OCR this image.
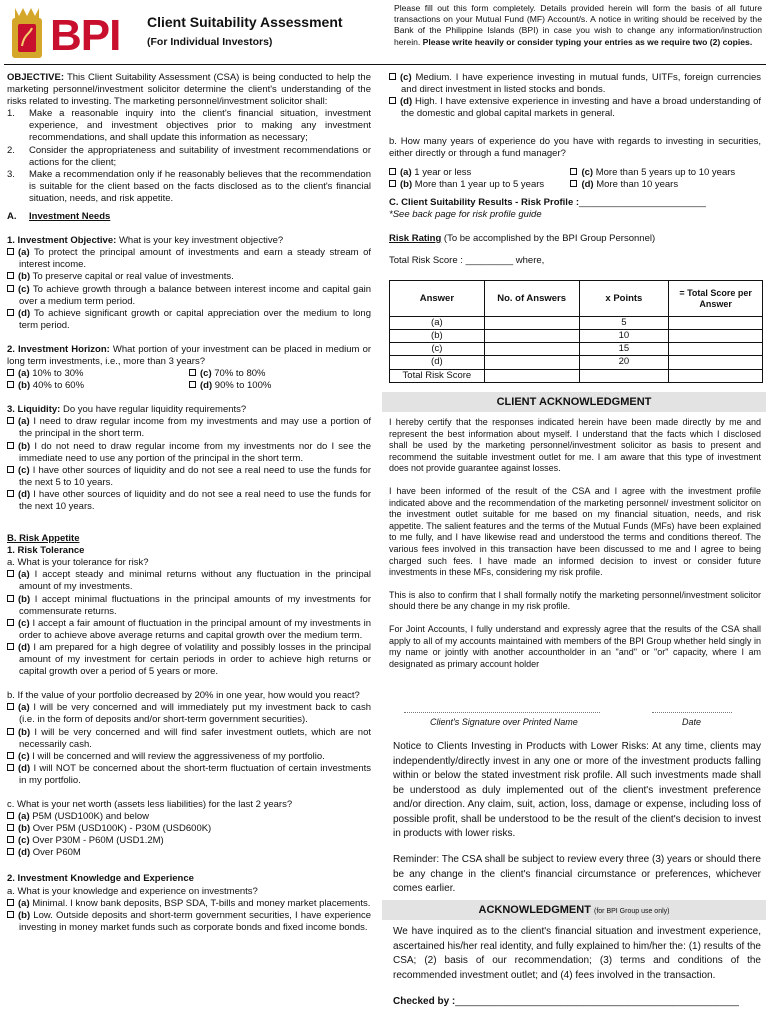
BPI Client Suitability Assessment
(For Individual Investors)
Please fill out this form completely. Details provided herein will form the basis of all future transactions on your Mutual Fund (MF) Account/s. A notice in writing should be received by the Bank of the Philippine Islands (BPI) in case you wish to change any information/instruction herein. Please write heavily or consider typing your entries as we require two (2) copies.
OBJECTIVE: This Client Suitability Assessment (CSA) is being conducted to help the marketing personnel/investment solicitor determine the client's understanding of the risks related to investing. The marketing personnel/investment solicitor shall:
1. Make a reasonable inquiry into the client's financial situation, investment experience, and investment objectives prior to making any investment recommendations, and shall update this information as necessary;
2. Consider the appropriateness and suitability of investment recommendations or actions for the client;
3. Make a recommendation only if he reasonably believes that the recommendation is suitable for the client based on the facts disclosed as to the client's financial situation, needs, and risk appetite.
A. Investment Needs
1. Investment Objective: What is your key investment objective?
(a) To protect the principal amount of investments and earn a steady stream of interest income.
(b) To preserve capital or real value of investments.
(c) To achieve growth through a balance between interest income and capital gain over a medium term period.
(d) To achieve significant growth or capital appreciation over the medium to long term period.
2. Investment Horizon: What portion of your investment can be placed in medium or long term investments, i.e., more than 3 years?
(a) 10% to 30%	(c) 70% to 80%
(b) 40% to 60%	(d) 90% to 100%
3. Liquidity: Do you have regular liquidity requirements?
(a) I need to draw regular income from my investments and may use a portion of the principal in the short term.
(b) I do not need to draw regular income from my investments nor do I see the immediate need to use any portion of the principal in the short term.
(c) I have other sources of liquidity and do not see a real need to use the funds for the next 5 to 10 years.
(d) I have other sources of liquidity and do not see a real need to use the funds for the next 10 years.
B. Risk Appetite
1. Risk Tolerance
a. What is your tolerance for risk?
(a) I accept steady and minimal returns without any fluctuation in the principal amount of my investments.
(b) I accept minimal fluctuations in the principal amounts of my investments for commensurate returns.
(c) I accept a fair amount of fluctuation in the principal amount of my investments in order to achieve above average returns and capital growth over the medium term.
(d) I am prepared for a high degree of volatility and possibly losses in the principal amount of my investment for certain periods in order to achieve high returns or capital growth over a period of 5 years or more.
b. If the value of your portfolio decreased by 20% in one year, how would you react?
(a) I will be very concerned and will immediately put my investment back to cash (i.e. in the form of deposits and/or short-term government securities).
(b) I will be very concerned and will find safer investment outlets, which are not necessarily cash.
(c) I will be concerned and will review the aggressiveness of my portfolio.
(d) I will NOT be concerned about the short-term fluctuation of certain investments in my portfolio.
c. What is your net worth (assets less liabilities) for the last 2 years?
(a) P5M (USD100K) and below
(b) Over P5M (USD100K) - P30M (USD600K)
(c) Over P30M - P60M (USD1.2M)
(d) Over P60M
2. Investment Knowledge and Experience
a. What is your knowledge and experience on investments?
(a) Minimal. I know bank deposits, BSP SDA, T-bills and money market placements.
(b) Low. Outside deposits and short-term government securities, I have experience investing in money market funds such as corporate bonds and fixed income bonds.
(c) Medium. I have experience investing in mutual funds, UITFs, foreign currencies and direct investment in listed stocks and bonds.
(d) High. I have extensive experience in investing and have a broad understanding of the domestic and global capital markets in general.
b. How many years of experience do you have with regards to investing in securities, either directly or through a fund manager?
(a) 1 year or less	(c) More than 5 years up to 10 years
(b) More than 1 year up to 5 years	(d) More than 10 years
C. Client Suitability Results - Risk Profile :________________________
*See back page for risk profile guide
Risk Rating (To be accomplished by the BPI Group Personnel)
Total Risk Score : _________ where,
Answer	No. of Answers	x Points	= Total Score per Answer
(a)		5	
(b)		10	
(c)		15	
(d)		20	
Total Risk Score			
CLIENT ACKNOWLEDGMENT
I hereby certify that the responses indicated herein have been made directly by me and represent the best information about myself. I understand that the facts which I disclosed shall be used by the marketing personnel/investment solicitor as basis to present and recommend the suitable investment outlet for me. I am aware that this type of investment does not provide guarantee against losses.
I have been informed of the result of the CSA and I agree with the investment profile indicated above and the recommendation of the marketing personnel/ investment solicitor on the investment outlet suitable for me based on my financial situation, needs, and risk appetite. The salient features and the terms of the Mutual Funds (MFs) have been explained to me fully, and I have likewise read and understood the terms and conditions thereof. The various fees involved in this transaction have been discussed to me and I agree to being charged such fees. I have made an informed decision to invest or consider future investments in these MFs, considering my risk profile.
This is also to confirm that I shall formally notify the marketing personnel/investment solicitor should there be any change in my risk profile.
For Joint Accounts, I fully understand and expressly agree that the results of the CSA shall apply to all of my accounts maintained with members of the BPI Group whether held singly in my name or jointly with another accountholder in an "and" or "or" capacity, where I am designated as primary account holder
Client's Signature over Printed Name	Date
Notice to Clients Investing in Products with Lower Risks: At any time, clients may independently/directly invest in any one or more of the investment products falling within or below the stated investment risk profile. All such investments made shall be understood as duly implemented out of the client's investment preference and/or direction. Any claim, suit, action, loss, damage or expense, including loss of possible profit, shall be understood to be the result of the client's decision to invest in products with lower risks.
Reminder: The CSA shall be subject to review every three (3) years or should there be any change in the client's financial circumstance or preferences, whichever comes earlier.
ACKNOWLEDGMENT (for BPI Group use only)
We have inquired as to the client's financial situation and investment experience, ascertained his/her real identity, and fully explained to him/her the: (1) results of the CSA; (2) basis of our recommendation; (3) terms and conditions of the recommended investment outlet; and (4) fees involved in the transaction.
Checked by :___________________________________________________
